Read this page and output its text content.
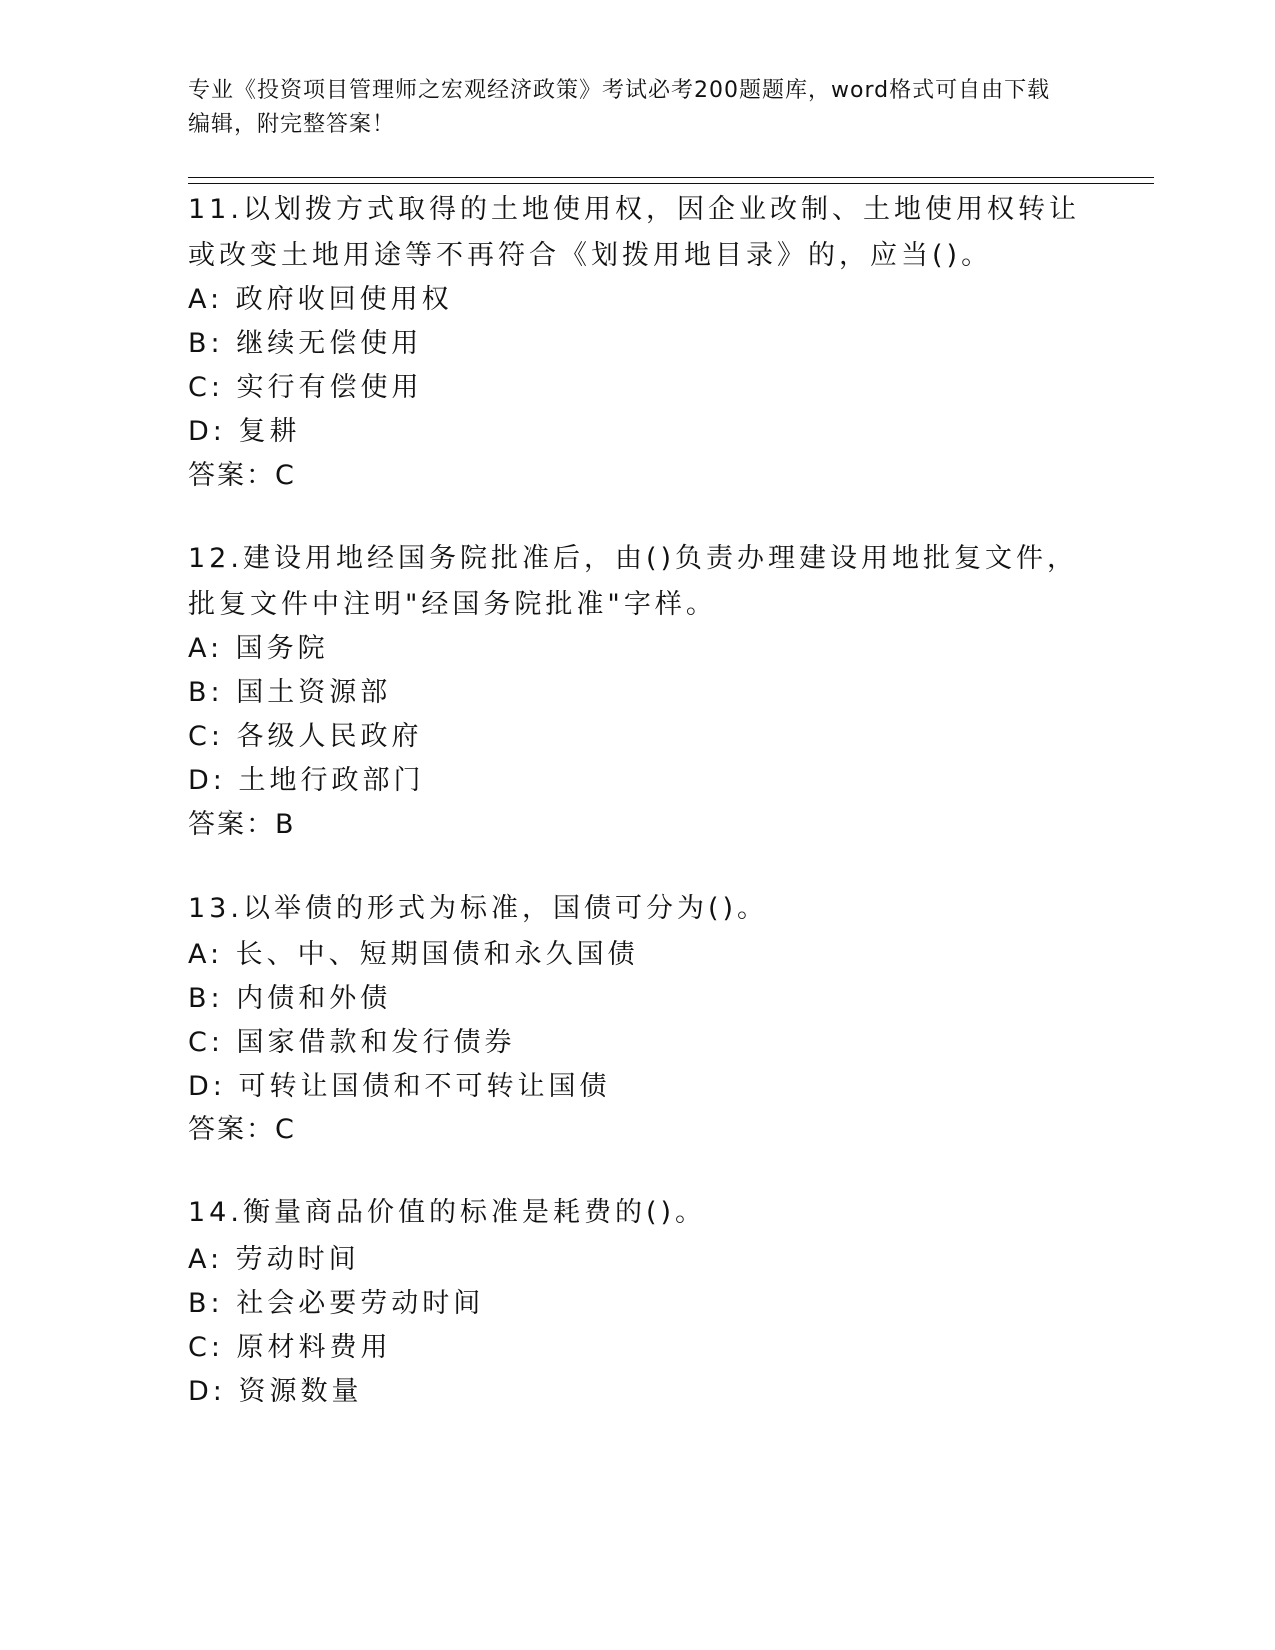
专业《投资项目管理师之宏观经济政策》考试必考200题题库，word格式可自由下载编辑，附完整答案！
11.以划拨方式取得的土地使用权，因企业改制、土地使用权转让或改变土地用途等不再符合《划拨用地目录》的，应当()。
A: 政府收回使用权
B: 继续无偿使用
C: 实行有偿使用
D: 复耕
答案：C
12.建设用地经国务院批准后，由()负责办理建设用地批复文件，批复文件中注明"经国务院批准"字样。
A: 国务院
B: 国土资源部
C: 各级人民政府
D: 土地行政部门
答案：B
13.以举债的形式为标准，国债可分为()。
A: 长、中、短期国债和永久国债
B: 内债和外债
C: 国家借款和发行债券
D: 可转让国债和不可转让国债
答案：C
14.衡量商品价值的标准是耗费的()。
A: 劳动时间
B: 社会必要劳动时间
C: 原材料费用
D: 资源数量
